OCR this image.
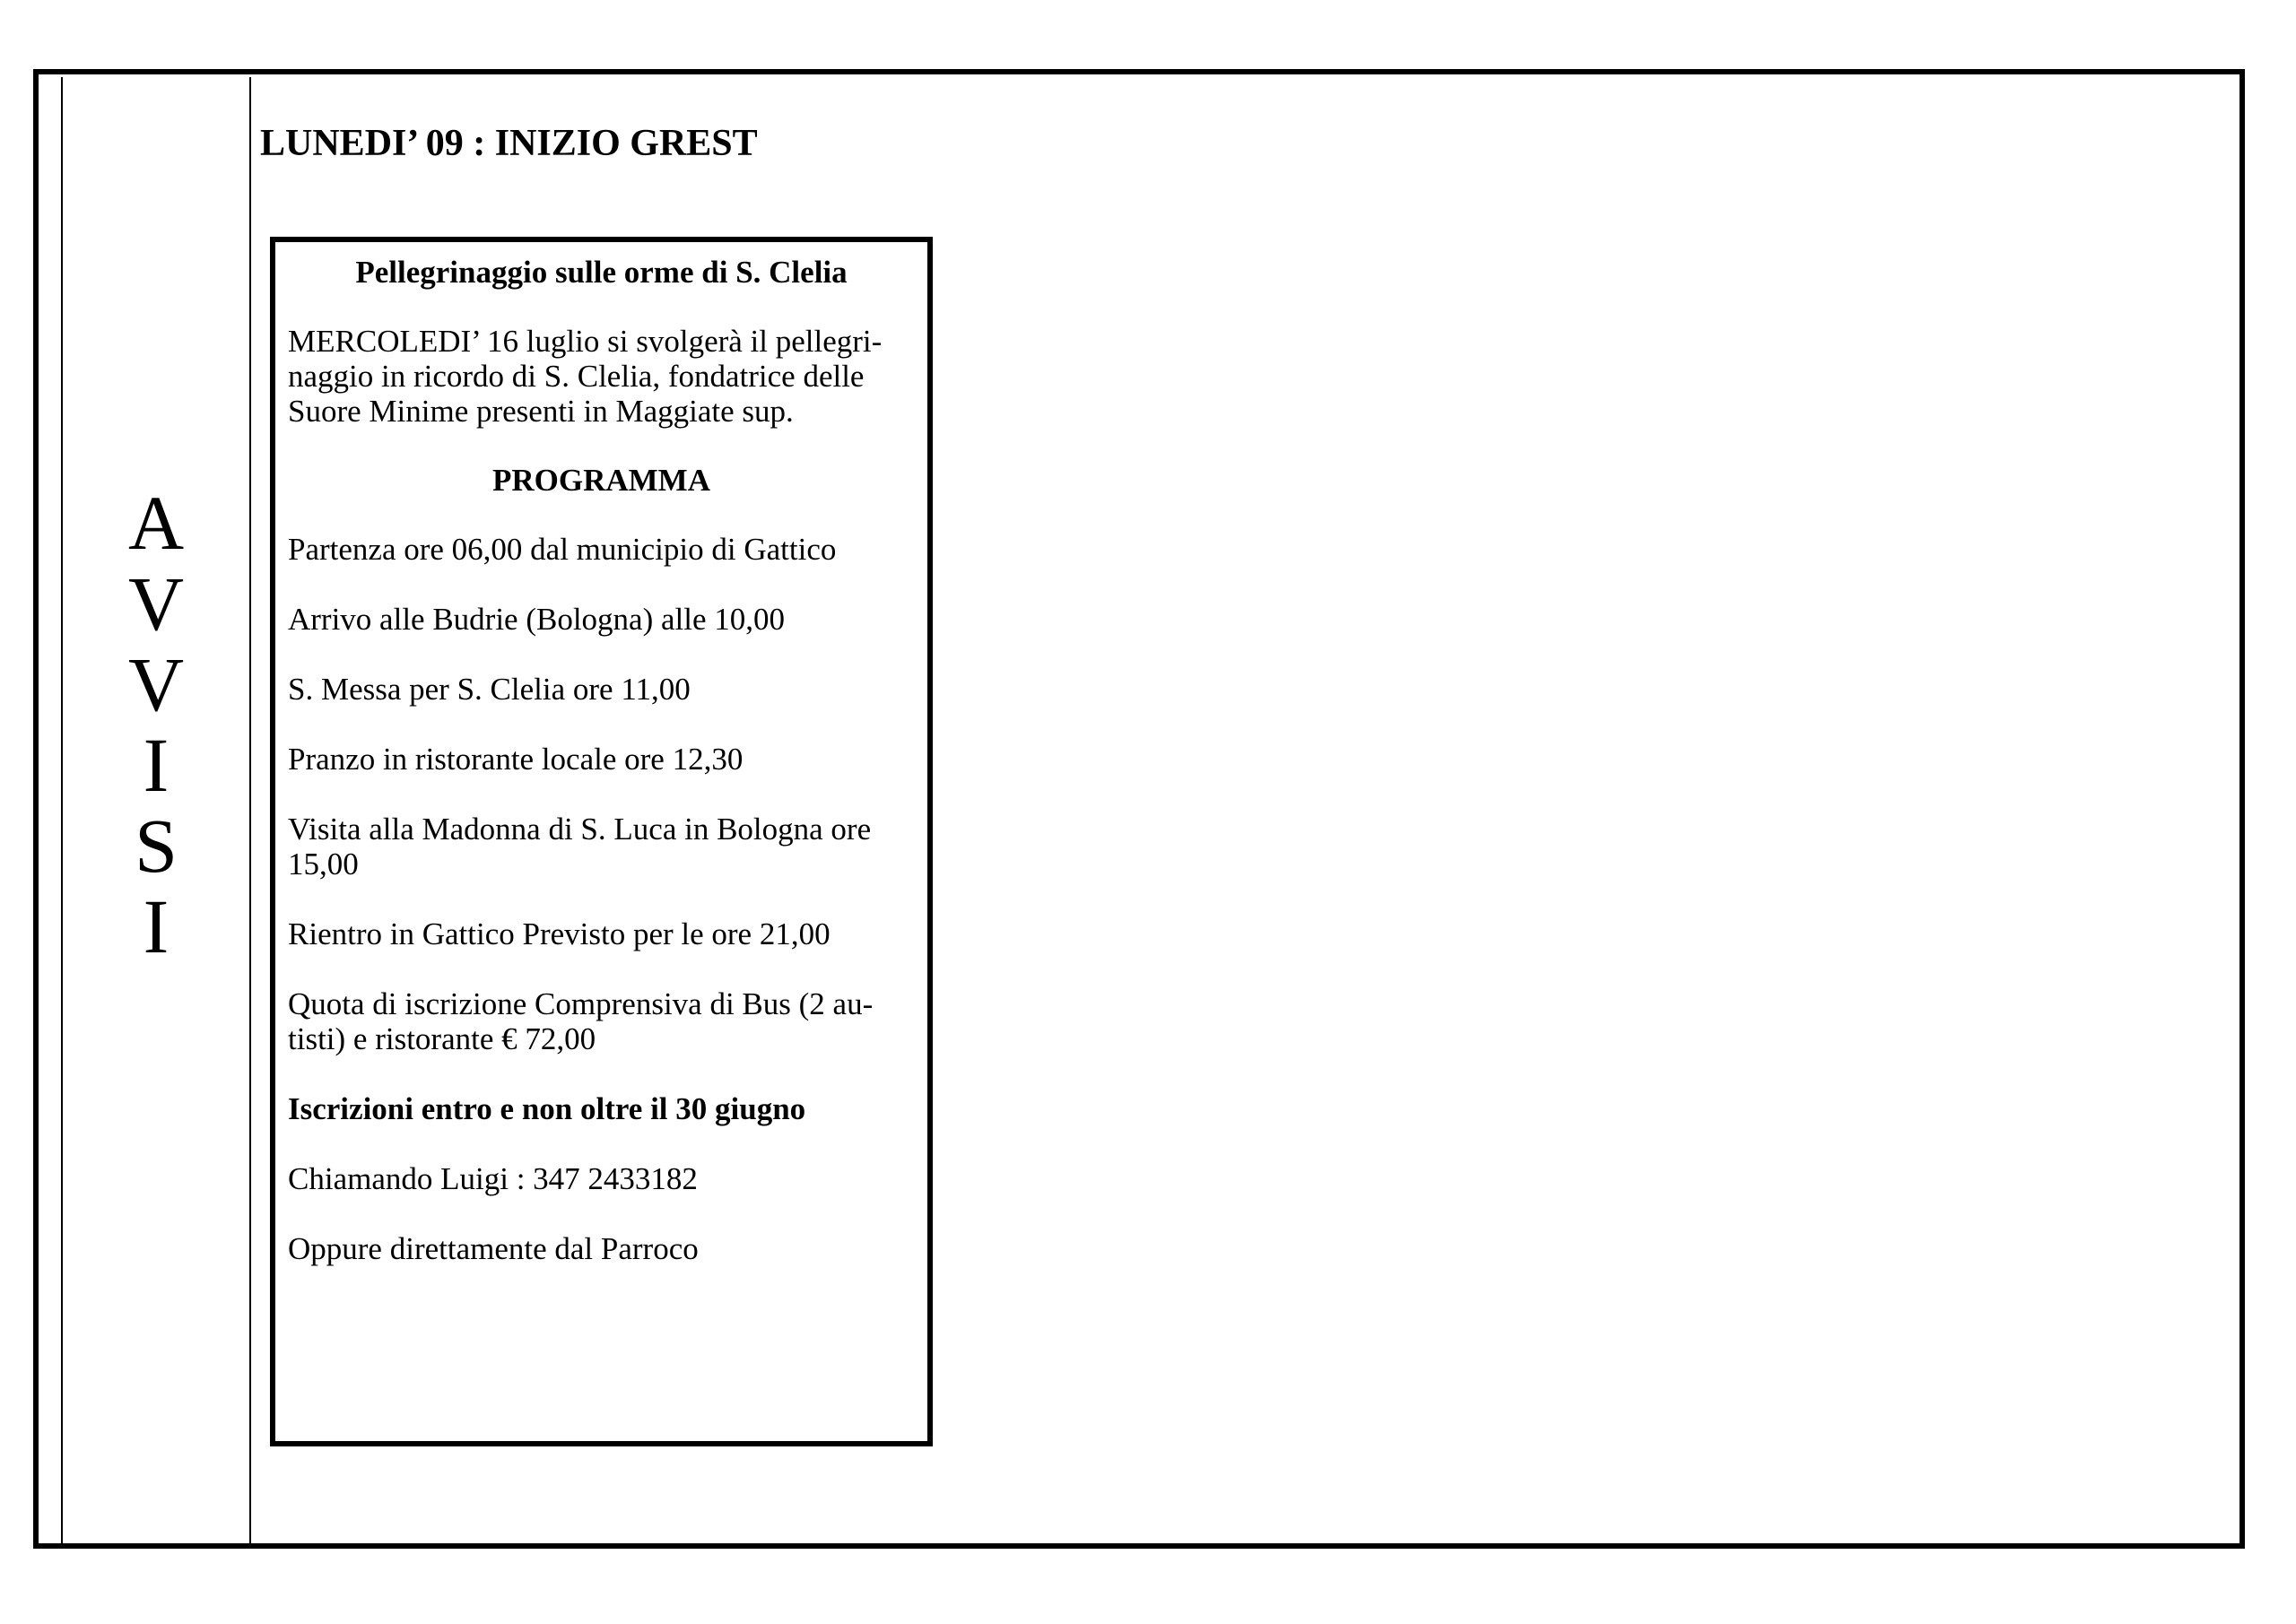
A
V
V
I
S
I
LUNEDI’ 09 : INIZIO GREST
Pellegrinaggio sulle orme di S. Clelia
MERCOLEDI’ 16 luglio si svolgerà il pellegri-
naggio in ricordo di S. Clelia, fondatrice delle
Suore Minime presenti in Maggiate sup.
PROGRAMMA
Partenza ore 06,00 dal municipio di Gattico
Arrivo alle Budrie (Bologna) alle 10,00
S. Messa per S. Clelia ore 11,00
Pranzo in ristorante locale ore 12,30
Visita alla Madonna di S. Luca in Bologna ore
15,00
Rientro in Gattico Previsto per le ore 21,00
Quota di iscrizione Comprensiva di Bus (2 au-
tisti) e ristorante € 72,00
Iscrizioni entro e non oltre il 30 giugno
Chiamando Luigi : 347 2433182
Oppure direttamente dal Parroco
